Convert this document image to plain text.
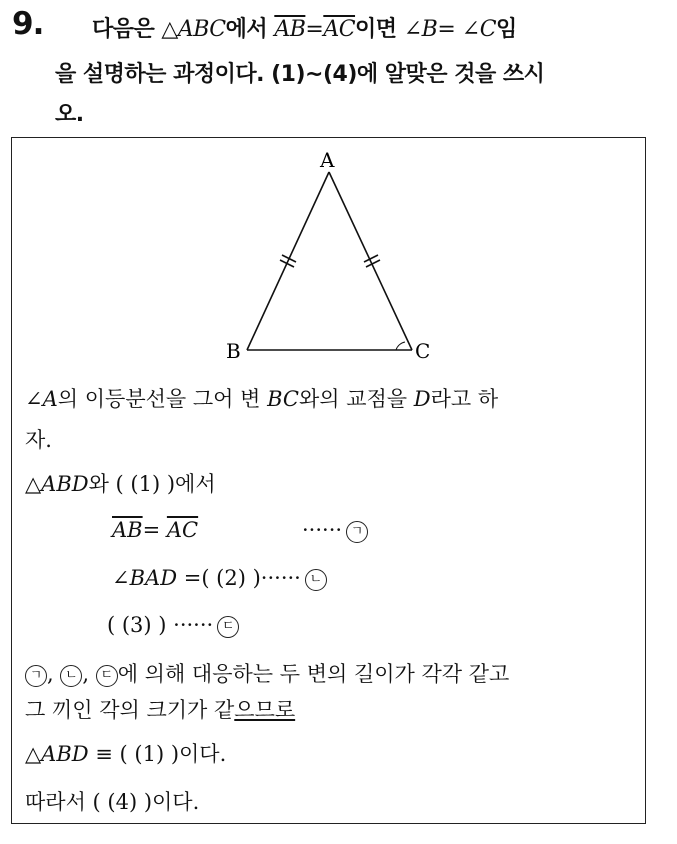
9. 다음은 △ABC에서 $\overline{AB}=\overline{AC}$이면 ∠B= ∠C임
을 설명하는 과정이다. (1)~(4)에 알맞은 것을 쓰시
오.
A
B	C
∠A의 이등분선을 그어 변 BC와의 교점을 D라고 하
자.
△ABD와 ( (1) )에서
$\overline{AB}= \overline{AC}$	······ ㄱ
∠BAD =( (2) )······ ㄴ
( (3) ) ······ ㄷ
ㄱ , ㄴ , ㄷ 에 의해 대응하는 두 변의 길이가 각각 같고
그 끼인 각의 크기가 같으므로
△ABD ≡ ( (1) )이다.
따라서 ( (4) )이다.
